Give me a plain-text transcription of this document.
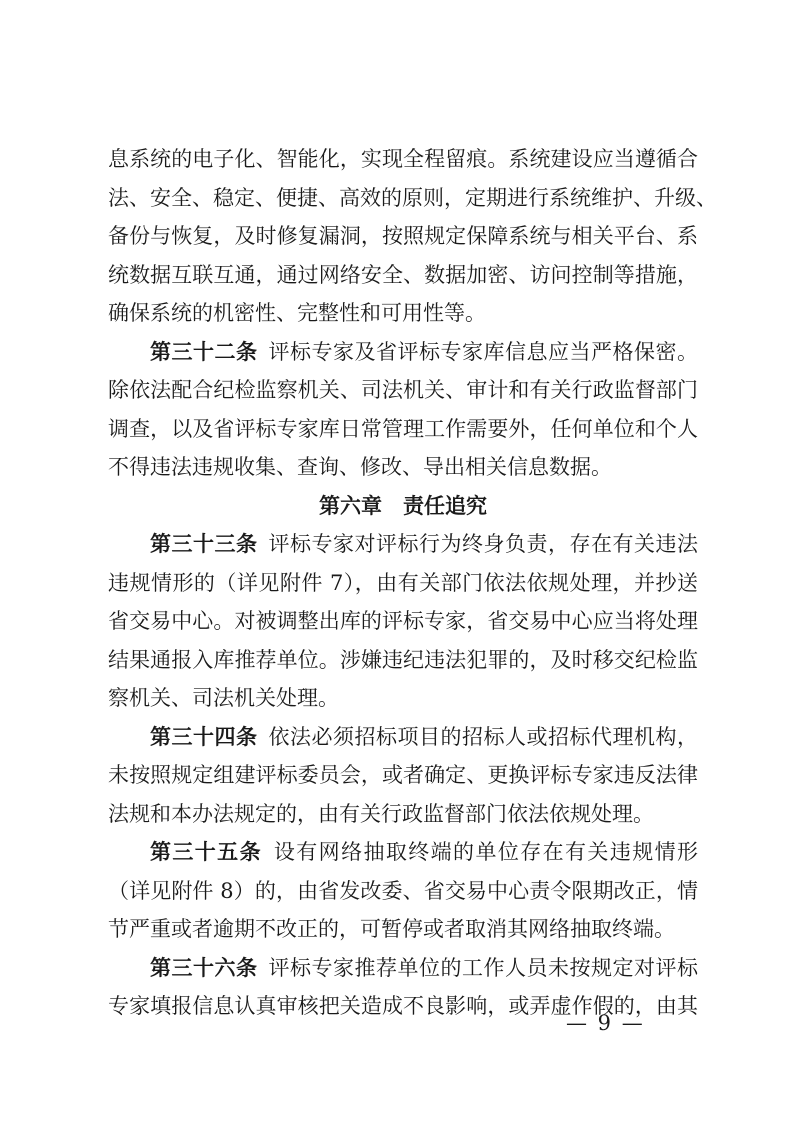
息系统的电子化、智能化，实现全程留痕。系统建设应当遵循合
法、安全、稳定、便捷、高效的原则，定期进行系统维护、升级、
备份与恢复，及时修复漏洞，按照规定保障系统与相关平台、系
统数据互联互通，通过网络安全、数据加密、访问控制等措施，
确保系统的机密性、完整性和可用性等。
第三十二条  评标专家及省评标专家库信息应当严格保密。
除依法配合纪检监察机关、司法机关、审计和有关行政监督部门
调查，以及省评标专家库日常管理工作需要外，任何单位和个人
不得违法违规收集、查询、修改、导出相关信息数据。
第六章　责任追究
第三十三条  评标专家对评标行为终身负责，存在有关违法
违规情形的（详见附件 7），由有关部门依法依规处理，并抄送
省交易中心。对被调整出库的评标专家，省交易中心应当将处理
结果通报入库推荐单位。涉嫌违纪违法犯罪的，及时移交纪检监
察机关、司法机关处理。
第三十四条  依法必须招标项目的招标人或招标代理机构，
未按照规定组建评标委员会，或者确定、更换评标专家违反法律
法规和本办法规定的，由有关行政监督部门依法依规处理。
第三十五条  设有网络抽取终端的单位存在有关违规情形
（详见附件 8）的，由省发改委、省交易中心责令限期改正，情
节严重或者逾期不改正的，可暂停或者取消其网络抽取终端。
第三十六条  评标专家推荐单位的工作人员未按规定对评标
专家填报信息认真审核把关造成不良影响，或弄虚作假的，由其
— 9 —
